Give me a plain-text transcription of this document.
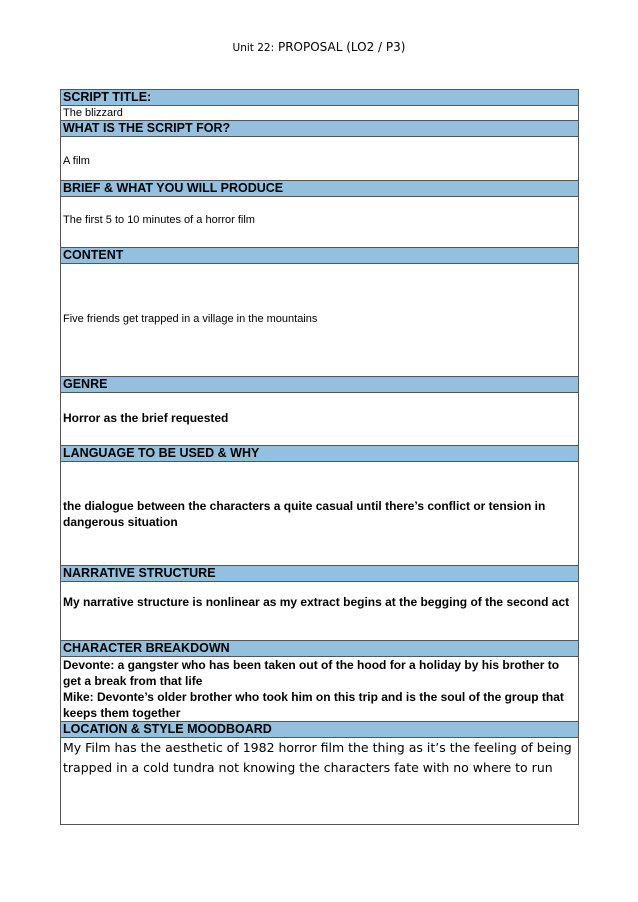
Unit 22: PROPOSAL (LO2 / P3)
SCRIPT TITLE:

The blizzard

WHAT IS THE SCRIPT FOR?

A film

BRIEF & WHAT YOU WILL PRODUCE

The first 5 to 10 minutes of a horror film

CONTENT

Five friends get trapped in a village in the mountains

GENRE

Horror as the brief requested

LANGUAGE TO BE USED & WHY

the dialogue between the characters a quite casual until there’s conflict or tension in dangerous situation

NARRATIVE STRUCTURE

My narrative structure is nonlinear as my extract begins at the begging of the second act

CHARACTER BREAKDOWN

Devonte: a gangster who has been taken out of the hood for a holiday by his brother to get a break from that life
Mike: Devonte’s older brother who took him on this trip and is the soul of the group that keeps them together

LOCATION & STYLE MOODBOARD

My Film has the aesthetic of 1982 horror film the thing as it’s the feeling of being trapped in a cold tundra not knowing the characters fate with no where to run
